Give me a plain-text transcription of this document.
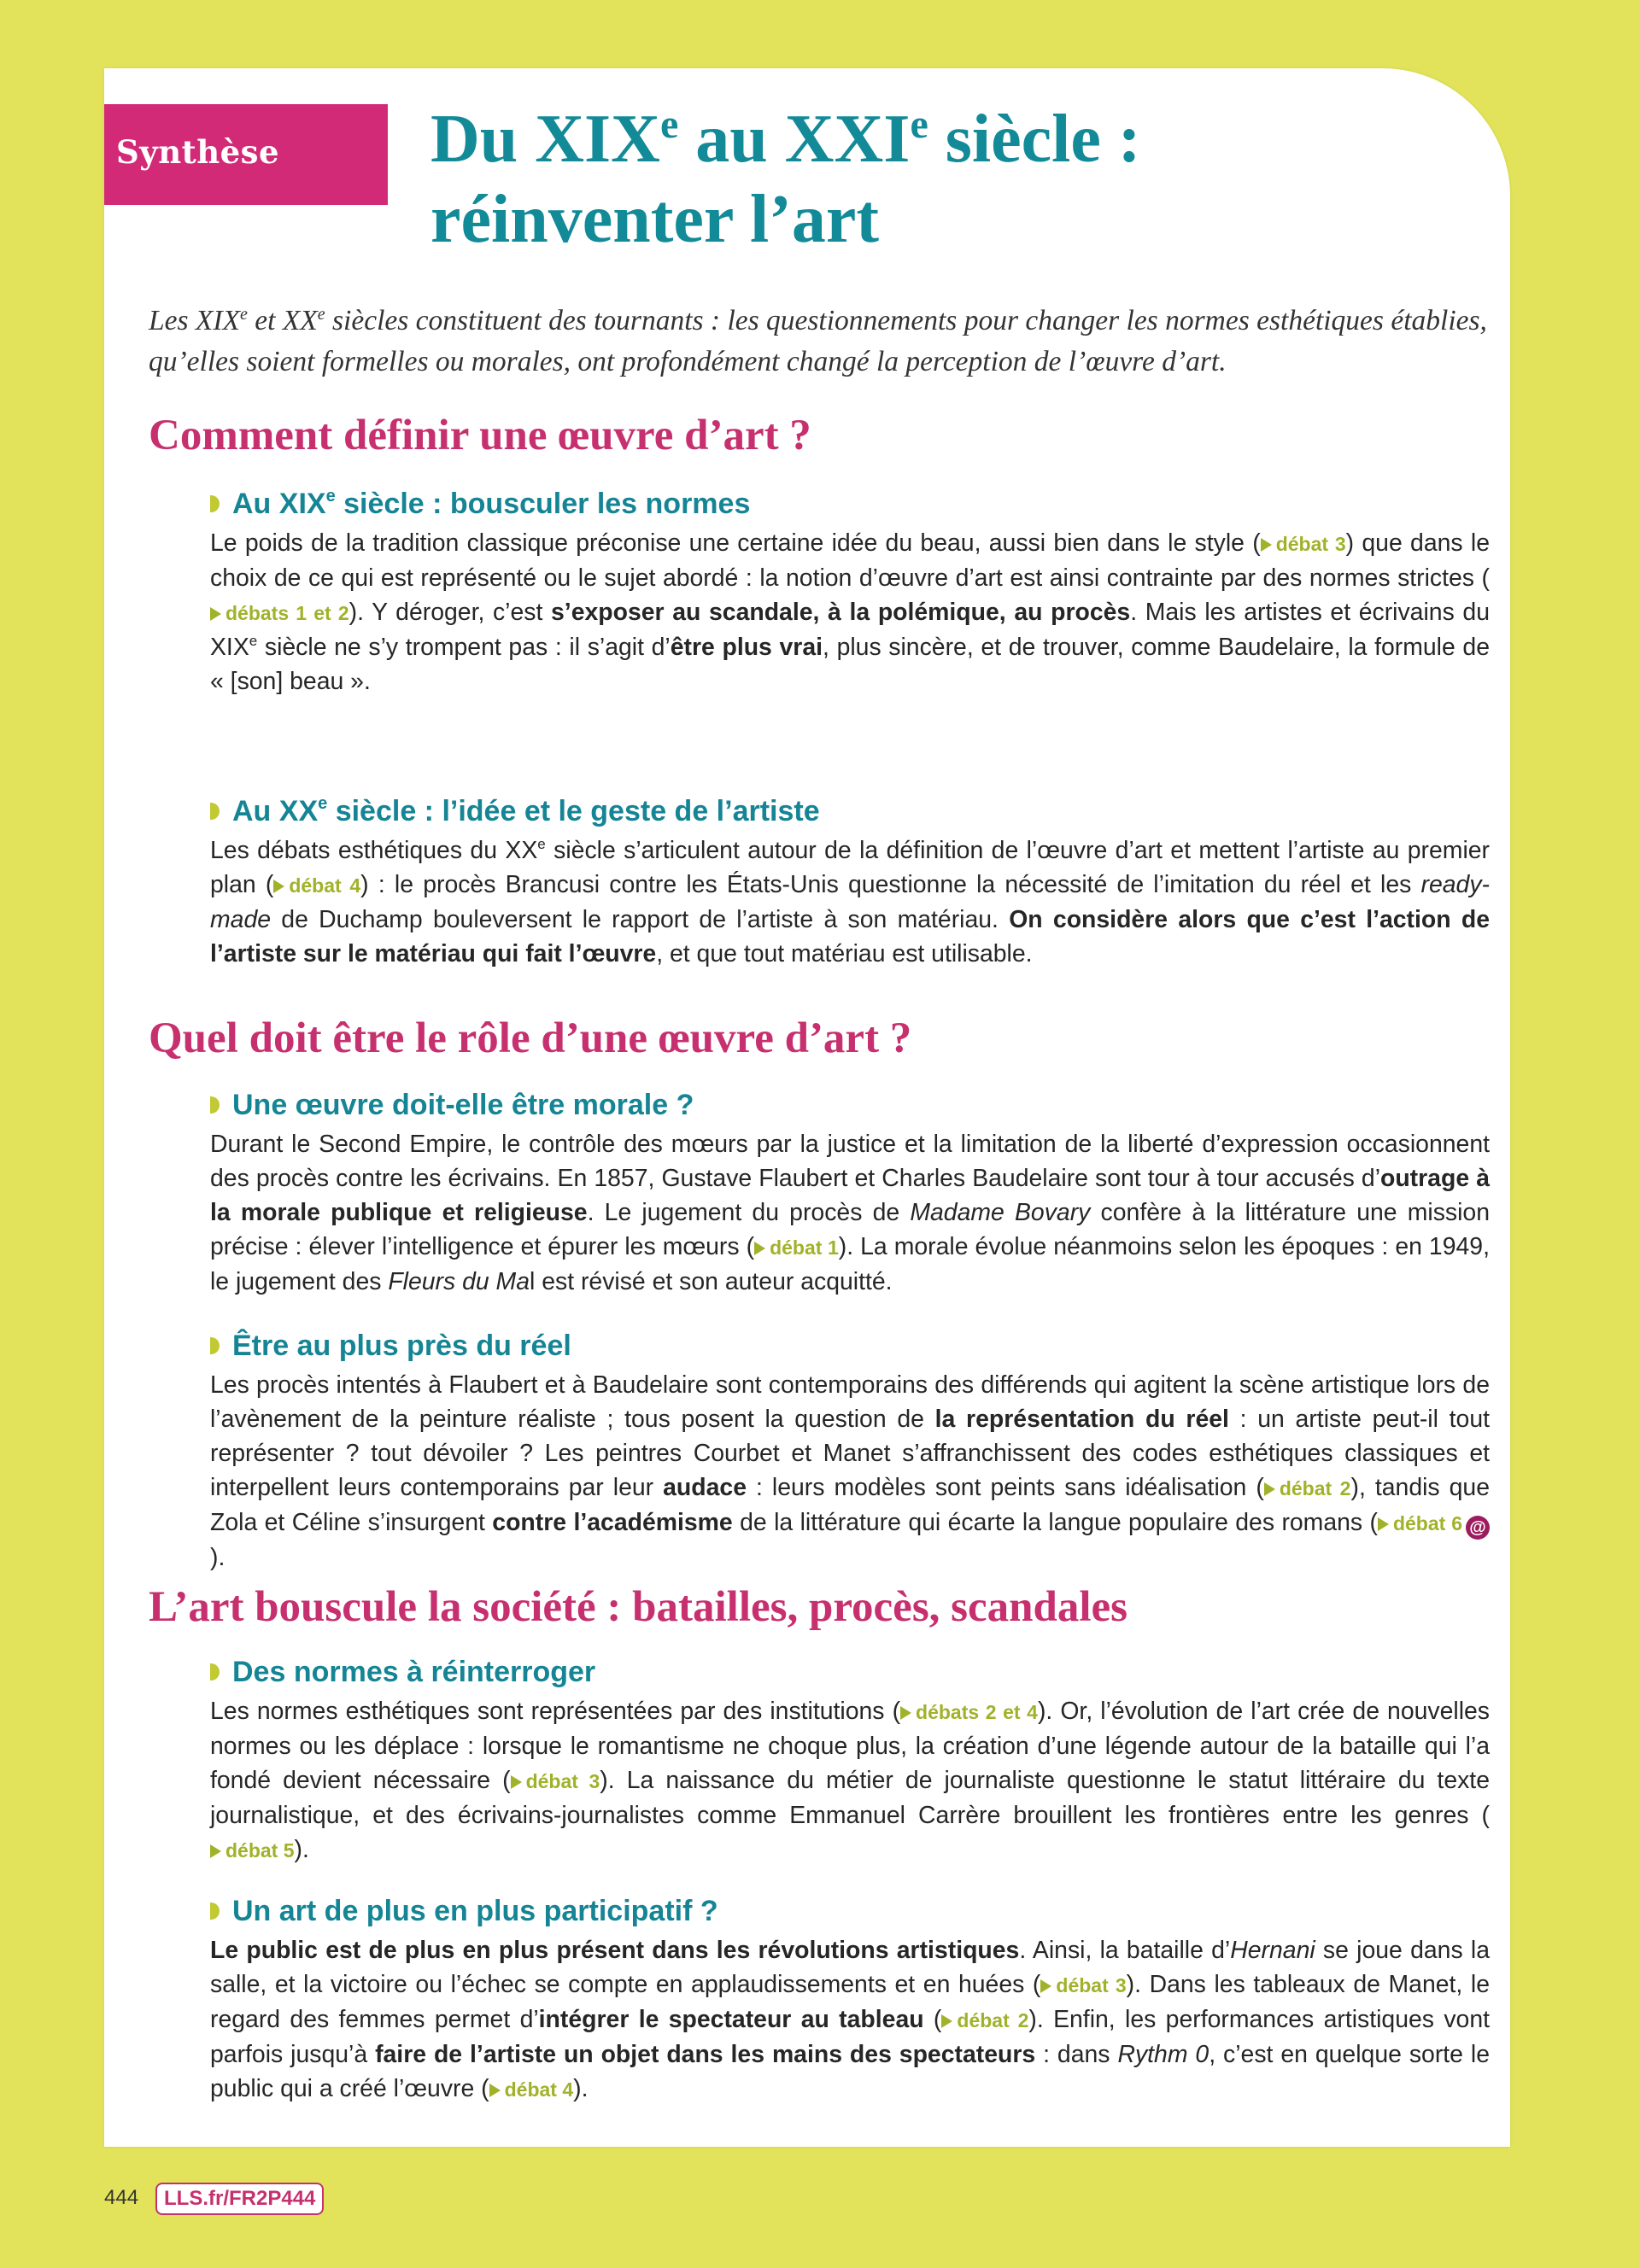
Synthèse Du XIXe au XXIe siècle :
réinventer l’art

Les XIXe et XXe siècles constituent des tournants : les questionnements pour changer les normes esthétiques établies, qu’elles soient formelles ou morales, ont profondément changé la perception de l’œuvre d’art.

Comment définir une œuvre d’art ?
Au XIXe siècle : bousculer les normes

Le poids de la tradition classique préconise une certaine idée du beau, aussi bien dans le style ( débat 3) que dans le choix de ce qui est représenté ou le sujet abordé : la notion d’œuvre d’art est ainsi contrainte par des normes strictes (débats 1 et 2). Y déroger, c’est s’exposer au scandale, à la polémique, au procès. Mais les artistes et écrivains du XIXe siècle ne s’y trompent pas : il s’agit d’être plus vrai, plus sincère, et de trouver, comme Baudelaire, la formule de « [son] beau ».

Au XXe siècle : l’idée et le geste de l’artiste

Les débats esthétiques du XXe siècle s’articulent autour de la définition de l’œuvre d’art et mettent l’artiste au premier plan ( débat 4) : le procès Brancusi contre les États-Unis questionne la nécessité de l’imitation du réel et les ready-made de Duchamp bouleversent le rapport de l’artiste à son matériau. On considère alors que c’est l’action de l’artiste sur le matériau qui fait l’œuvre, et que tout matériau est utilisable.

Quel doit être le rôle d’une œuvre d’art ?
Une œuvre doit-elle être morale ?

Durant le Second Empire, le contrôle des mœurs par la justice et la limitation de la liberté d’expression occasionnent des procès contre les écrivains. En 1857, Gustave Flaubert et Charles Baudelaire sont tour à tour accusés d’outrage à la morale publique et religieuse. Le jugement du procès de Madame Bovary confère à la littérature une mission précise : élever l’intelligence et épurer les mœurs ( débat 1). La morale évolue néanmoins selon les époques : en 1949, le jugement des Fleurs du Mal est révisé et son auteur acquitté.

Être au plus près du réel

Les procès intentés à Flaubert et à Baudelaire sont contemporains des différends qui agitent la scène artistique lors de l’avènement de la peinture réaliste ; tous posent la question de la représentation du réel : un artiste peut-il tout représenter ? tout dévoiler ? Les peintres Courbet et Manet s’affranchissent des codes esthétiques classiques et interpellent leurs contemporains par leur audace : leurs modèles sont peints sans idéalisation ( débat 2), tandis que Zola et Céline s’insurgent contre l’académisme de la littérature qui écarte la langue populaire des romans ( débat 6 @).

L’art bouscule la société : batailles, procès, scandales
Des normes à réinterroger

Les normes esthétiques sont représentées par des institutions ( débats 2 et 4). Or, l’évolution de l’art crée de nouvelles normes ou les déplace : lorsque le romantisme ne choque plus, la création d’une légende autour de la bataille qui l’a fondé devient nécessaire ( débat 3). La naissance du métier de journaliste questionne le statut littéraire du texte journalistique, et des écrivains-journalistes comme Emmanuel Carrère brouillent les frontières entre les genres (débat 5).

Un art de plus en plus participatif ?

Le public est de plus en plus présent dans les révolutions artistiques. Ainsi, la bataille d’Hernani se joue dans la salle, et la victoire ou l’échec se compte en applaudissements et en huées ( débat 3). Dans les tableaux de Manet, le regard des femmes permet d’intégrer le spectateur au tableau ( débat 2). Enfin, les performances artistiques vont parfois jusqu’à faire de l’artiste un objet dans les mains des spectateurs : dans Rythm 0, c’est en quelque sorte le public qui a créé l’œuvre ( débat 4).

444	LLS.fr/FR2P444
